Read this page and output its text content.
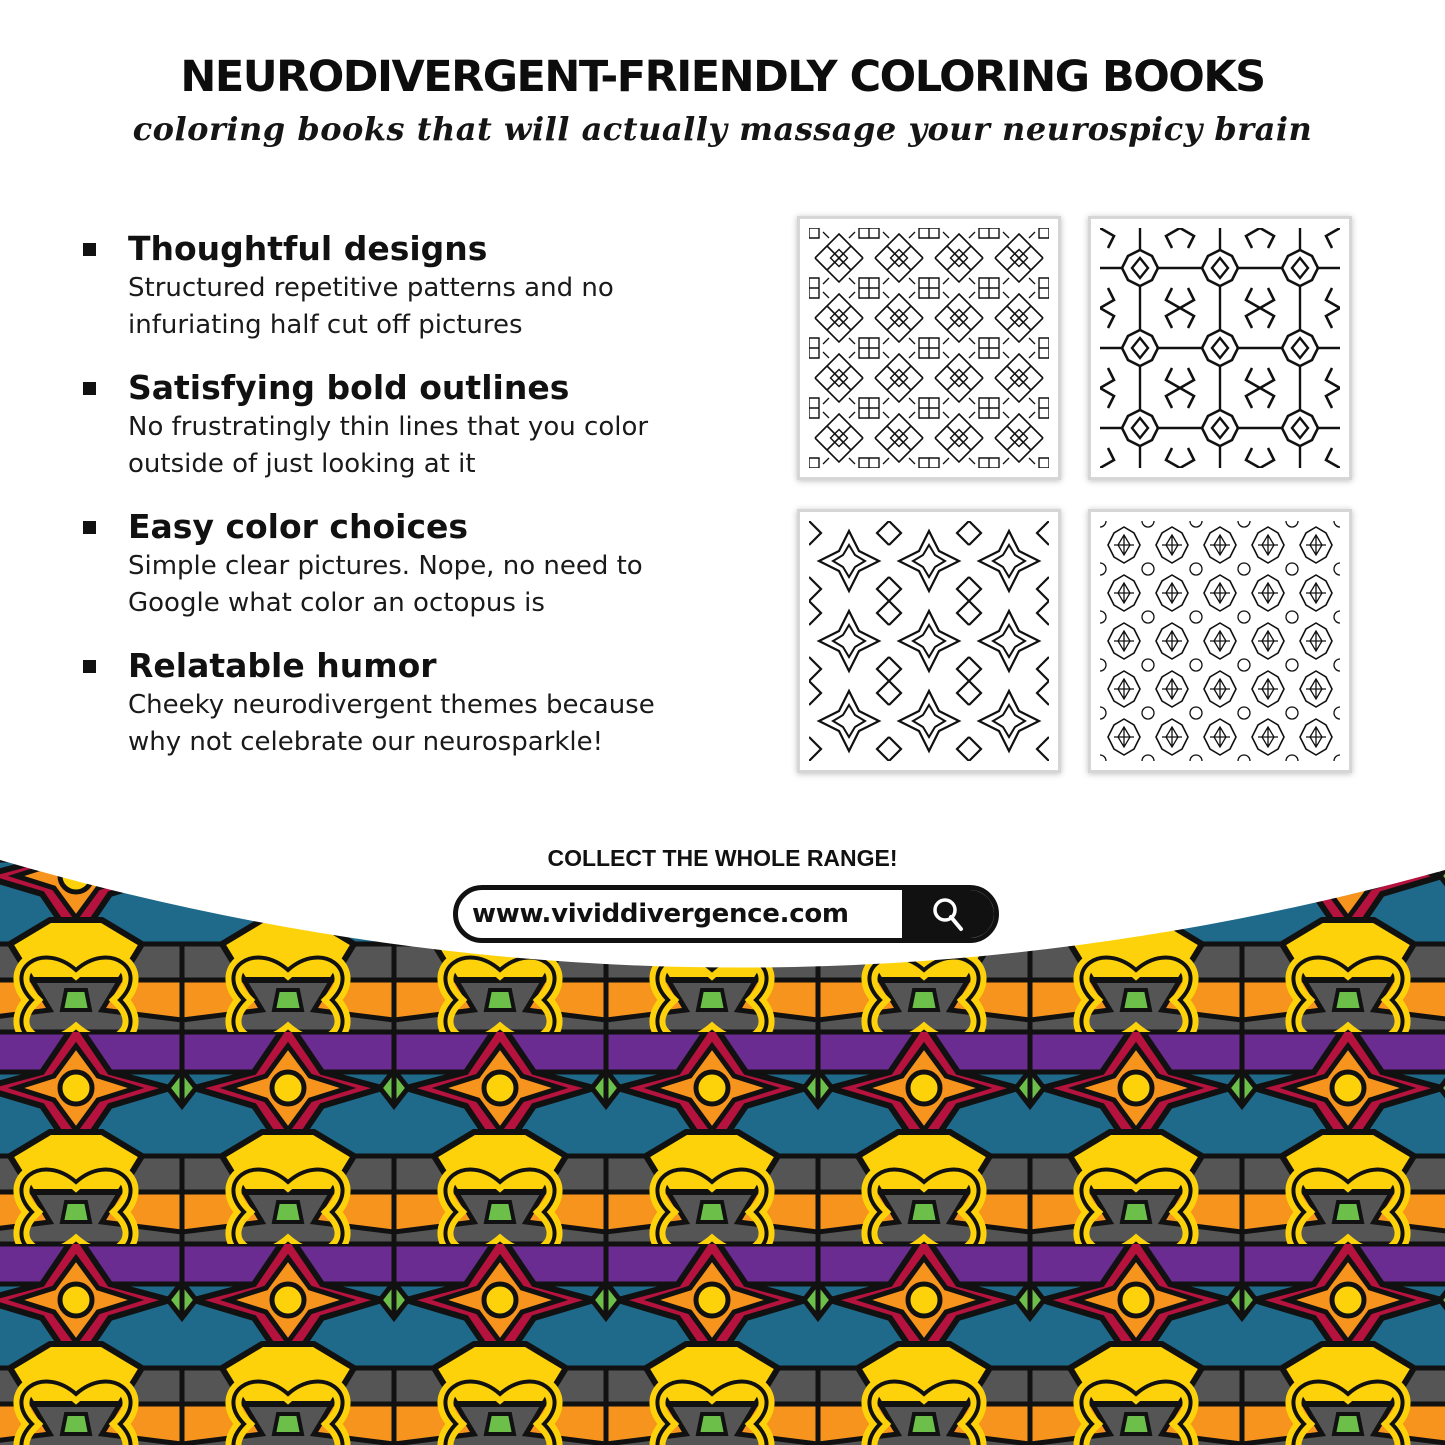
NEURODIVERGENT-FRIENDLY COLORING BOOKS
coloring books that will actually massage your neurospicy brain
Thoughtful designs
Structured repetitive patterns and no
infuriating half cut off pictures
Satisfying bold outlines
No frustratingly thin lines that you color
outside of just looking at it
Easy color choices
Simple clear pictures. Nope, no need to
Google what color an octopus is
Relatable humor
Cheeky neurodivergent themes because
why not celebrate our neurosparkle!
COLLECT THE WHOLE RANGE!
www.vividdivergence.com
